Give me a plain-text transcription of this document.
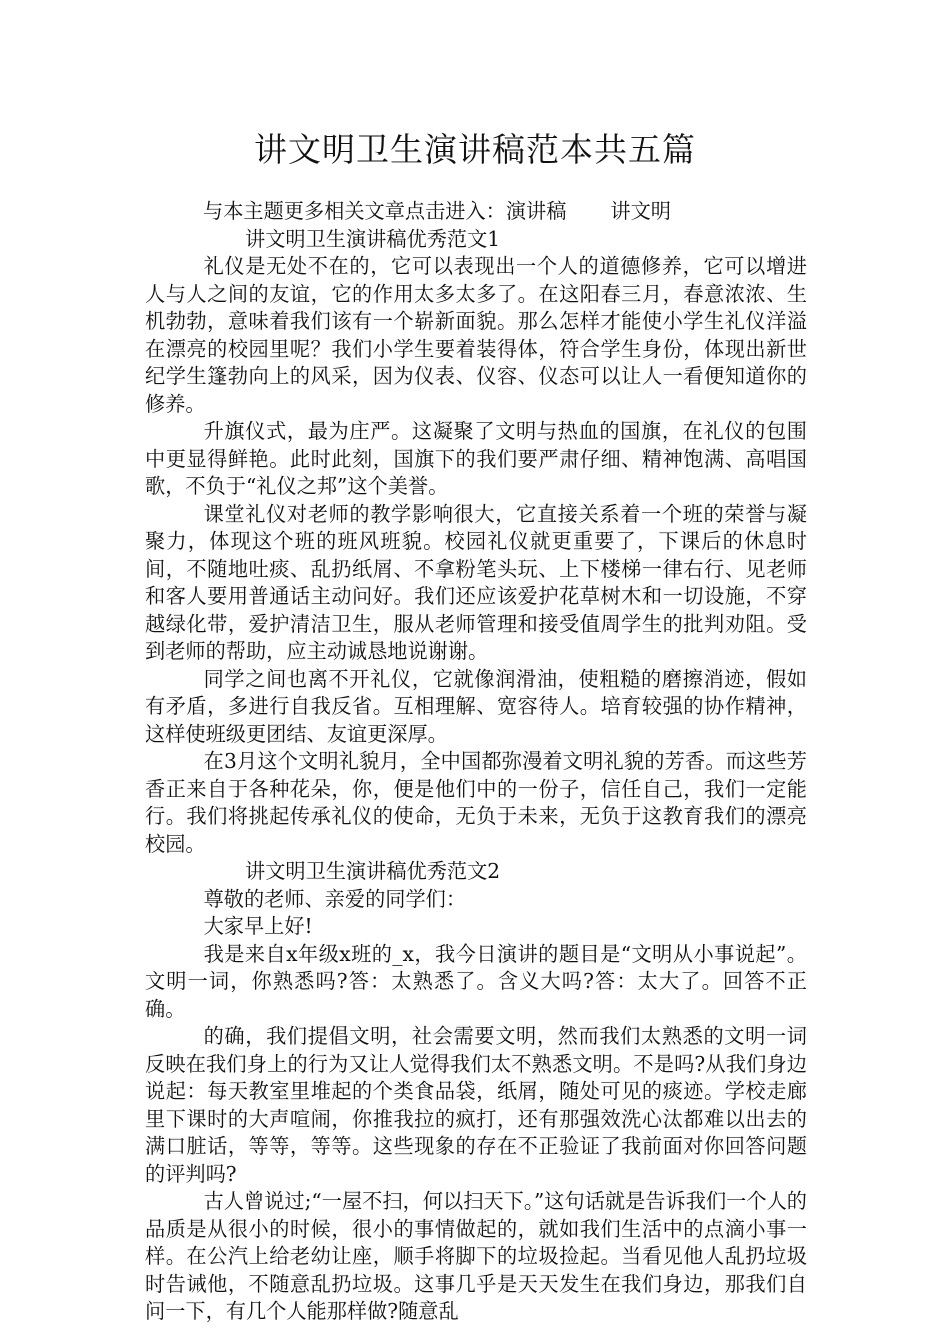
讲文明卫生演讲稿范本共五篇

与本主题更多相关文章点击进入：演讲稿 讲文明

讲文明卫生演讲稿优秀范文1

礼仪是无处不在的，它可以表现出一个人的道德修养，它可以增进人与人之间的友谊，它的作用太多太多了。在这阳春三月，春意浓浓、生机勃勃，意味着我们该有一个崭新面貌。那么怎样才能使小学生礼仪洋溢在漂亮的校园里呢？我们小学生要着装得体，符合学生身份，体现出新世纪学生篷勃向上的风采，因为仪表、仪容、仪态可以让人一看便知道你的修养。

升旗仪式，最为庄严。这凝聚了文明与热血的国旗，在礼仪的包围中更显得鲜艳。此时此刻，国旗下的我们要严肃仔细、精神饱满、高唱国歌，不负于“礼仪之邦”这个美誉。

课堂礼仪对老师的教学影响很大，它直接关系着一个班的荣誉与凝聚力，体现这个班的班风班貌。校园礼仪就更重要了，下课后的休息时间，不随地吐痰、乱扔纸屑、不拿粉笔头玩、上下楼梯一律右行、见老师和客人要用普通话主动问好。我们还应该爱护花草树木和一切设施，不穿越绿化带，爱护清洁卫生，服从老师管理和接受值周学生的批判劝阻。受到老师的帮助，应主动诚恳地说谢谢。

同学之间也离不开礼仪，它就像润滑油，使粗糙的磨擦消迹，假如有矛盾，多进行自我反省。互相理解、宽容待人。培育较强的协作精神，这样使班级更团结、友谊更深厚。

在3月这个文明礼貌月，全中国都弥漫着文明礼貌的芳香。而这些芳香正来自于各种花朵，你，便是他们中的一份子，信任自己，我们一定能行。我们将挑起传承礼仪的使命，无负于未来，无负于这教育我们的漂亮校园。

讲文明卫生演讲稿优秀范文2

尊敬的老师、亲爱的同学们：

大家早上好!

我是来自x年级x班的_x，我今日演讲的题目是“文明从小事说起”。文明一词，你熟悉吗?答：太熟悉了。含义大吗?答：太大了。回答不正确。

的确，我们提倡文明，社会需要文明，然而我们太熟悉的文明一词反映在我们身上的行为又让人觉得我们太不熟悉文明。不是吗?从我们身边说起：每天教室里堆起的个类食品袋，纸屑，随处可见的痰迹。学校走廊里下课时的大声喧闹，你推我拉的疯打，还有那强效洗心汰都难以出去的满口脏话，等等，等等。这些现象的存在不正验证了我前面对你回答问题的评判吗?

古人曾说过;“一屋不扫，何以扫天下。”这句话就是告诉我们一个人的品质是从很小的时候，很小的事情做起的，就如我们生活中的点滴小事一样。在公汽上给老幼让座，顺手将脚下的垃圾捡起。当看见他人乱扔垃圾时告诫他，不随意乱扔垃圾。这事几乎是天天发生在我们身边，那我们自问一下，有几个人能那样做?随意乱
